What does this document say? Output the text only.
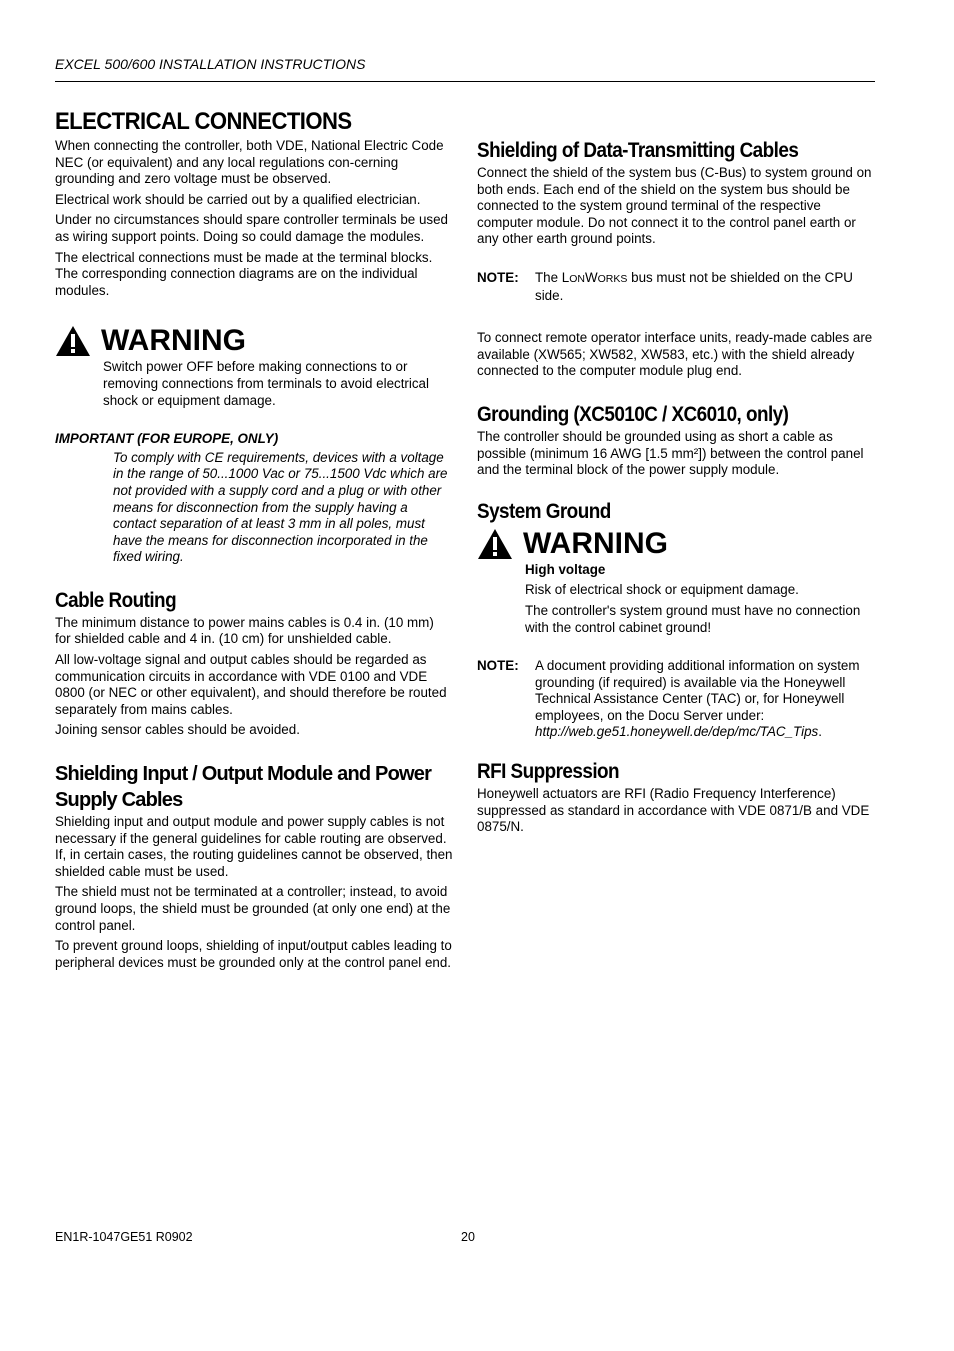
EXCEL 500/600 INSTALLATION INSTRUCTIONS
ELECTRICAL CONNECTIONS

When connecting the controller, both VDE, National Electric Code NEC (or equivalent) and any local regulations con-cerning grounding and zero voltage must be observed.

Electrical work should be carried out by a qualified electrician.

Under no circumstances should spare controller terminals be used as wiring support points. Doing so could damage the modules.

The electrical connections must be made at the terminal blocks. The corresponding connection diagrams are on the individual modules.

WARNING

Switch power OFF before making connections to or removing connections from terminals to avoid electrical shock or equipment damage.

IMPORTANT (FOR EUROPE, ONLY)

To comply with CE requirements, devices with a voltage in the range of 50...1000 Vac or 75...1500 Vdc which are not provided with a supply cord and a plug or with other means for disconnection from the supply having a contact separation of at least 3 mm in all poles, must have the means for disconnection incorporated in the fixed wiring.

Cable Routing

The minimum distance to power mains cables is 0.4 in. (10 mm) for shielded cable and 4 in. (10 cm) for unshielded cable.

All low-voltage signal and output cables should be regarded as communication circuits in accordance with VDE 0100 and VDE 0800 (or NEC or other equivalent), and should therefore be routed separately from mains cables.

Joining sensor cables should be avoided.

Shielding Input / Output Module and Power Supply Cables

Shielding input and output module and power supply cables is not necessary if the general guidelines for cable routing are observed. If, in certain cases, the routing guidelines cannot be observed, then shielded cable must be used.

The shield must not be terminated at a controller; instead, to avoid ground loops, the shield must be grounded (at only one end) at the control panel.

To prevent ground loops, shielding of input/output cables leading to peripheral devices must be grounded only at the control panel end.

Shielding of Data-Transmitting Cables

Connect the shield of the system bus (C-Bus) to system ground on both ends. Each end of the shield on the system bus should be connected to the system ground terminal of the respective computer module. Do not connect it to the control panel earth or any other earth ground points.

NOTE:	The LONWORKS bus must not be shielded on the CPU side.

To connect remote operator interface units, ready-made cables are available (XW565; XW582, XW583, etc.) with the shield already connected to the computer module plug end.

Grounding (XC5010C / XC6010, only)

The controller should be grounded using as short a cable as possible (minimum 16 AWG [1.5 mm²]) between the control panel and the terminal block of the power supply module.

System Ground
WARNING

High voltage

Risk of electrical shock or equipment damage.

The controller's system ground must have no connection with the control cabinet ground!

NOTE:	A document providing additional information on system grounding (if required) is available via the Honeywell Technical Assistance Center (TAC) or, for Honeywell employees, on the Docu Server under: http://web.ge51.honeywell.de/dep/mc/TAC_Tips.
RFI Suppression

Honeywell actuators are RFI (Radio Frequency Interference) suppressed as standard in accordance with VDE 0871/B and VDE 0875/N.

EN1R-1047GE51 R0902	20
